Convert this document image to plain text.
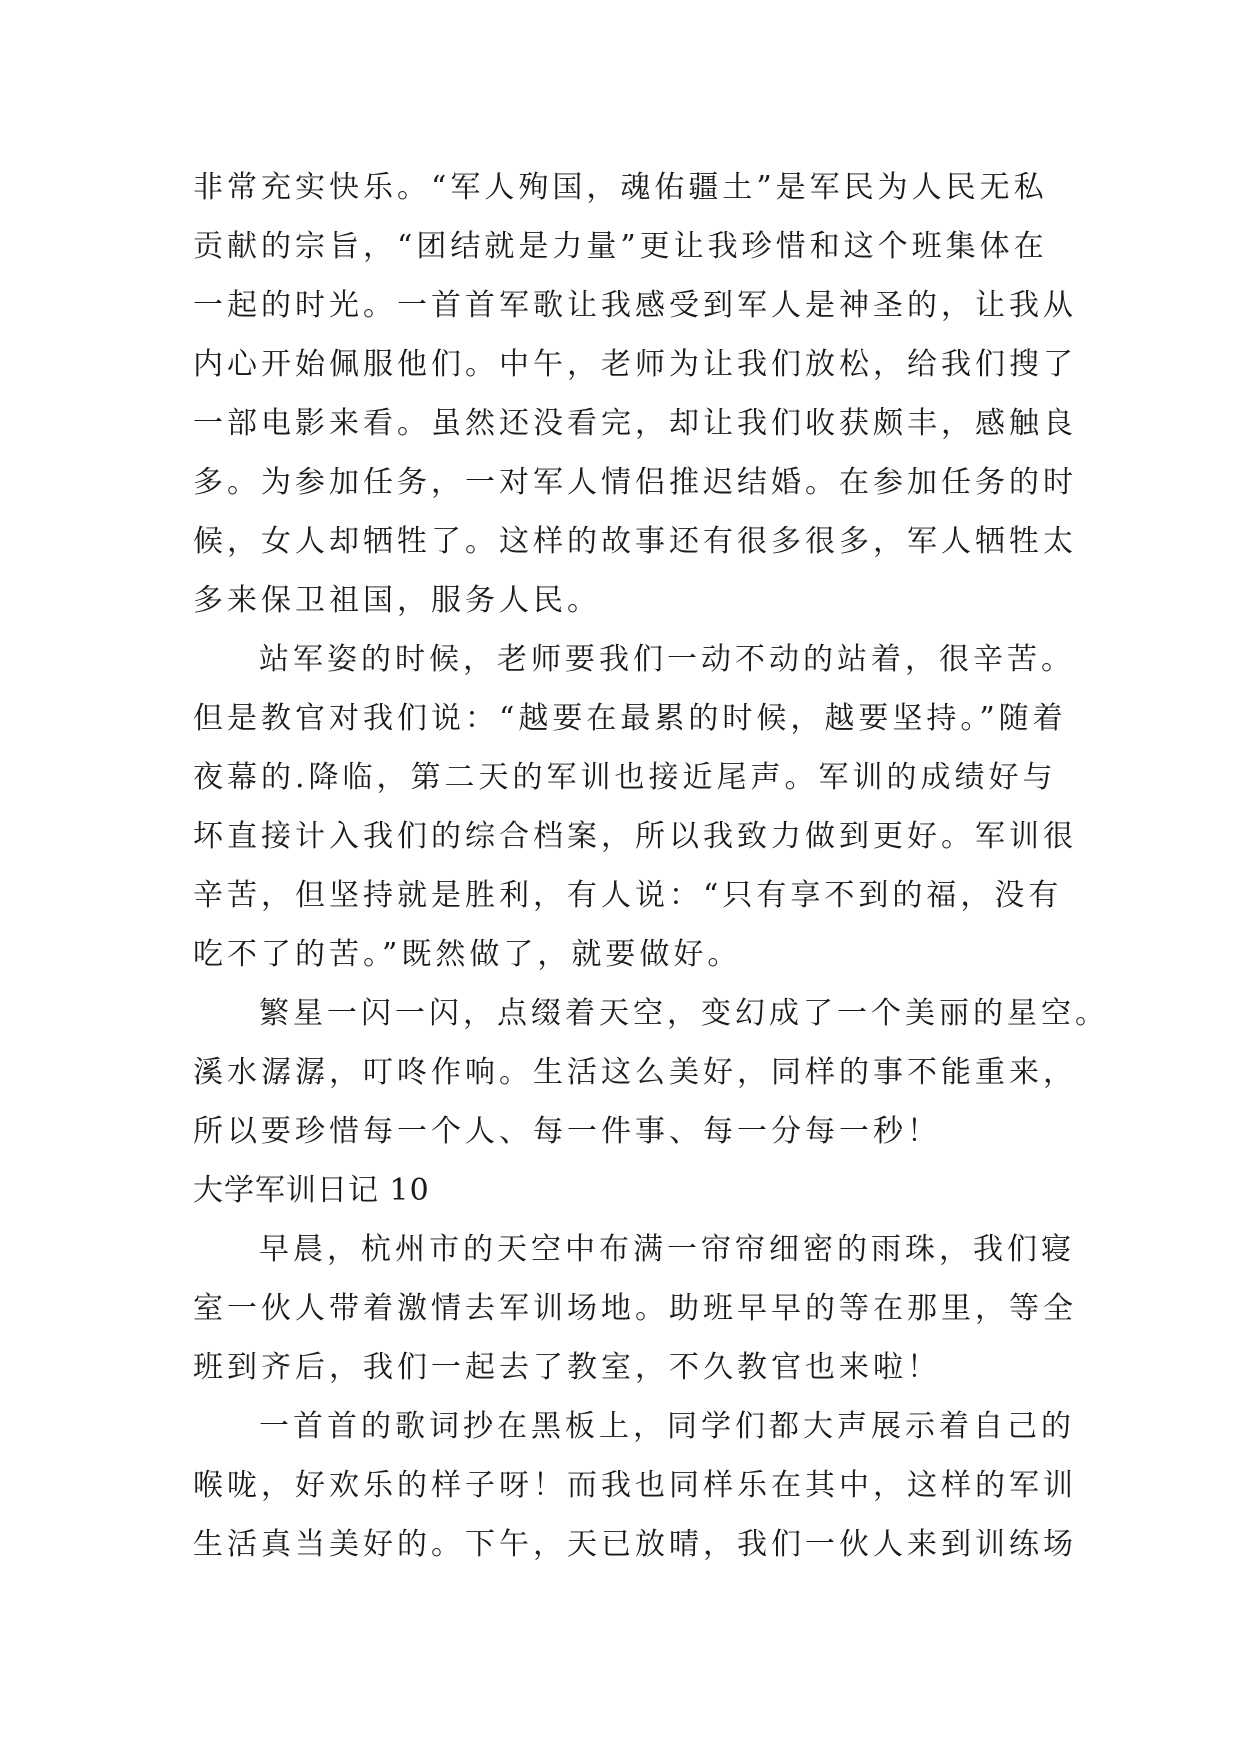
非常充实快乐。“军人殉国，魂佑疆土”是军民为人民无私
贡献的宗旨，“团结就是力量”更让我珍惜和这个班集体在
一起的时光。一首首军歌让我感受到军人是神圣的，让我从
内心开始佩服他们。中午，老师为让我们放松，给我们搜了
一部电影来看。虽然还没看完，却让我们收获颇丰，感触良
多。为参加任务，一对军人情侣推迟结婚。在参加任务的时
候，女人却牺牲了。这样的故事还有很多很多，军人牺牲太
多来保卫祖国，服务人民。
站军姿的时候，老师要我们一动不动的站着，很辛苦。
但是教官对我们说：“越要在最累的时候，越要坚持。”随着
夜幕的.降临，第二天的军训也接近尾声。军训的成绩好与
坏直接计入我们的综合档案，所以我致力做到更好。军训很
辛苦，但坚持就是胜利，有人说：“只有享不到的福，没有
吃不了的苦。”既然做了，就要做好。
繁星一闪一闪，点缀着天空，变幻成了一个美丽的星空。
溪水潺潺，叮咚作响。生活这么美好，同样的事不能重来，
所以要珍惜每一个人、每一件事、每一分每一秒！
大学军训日记 10
早晨，杭州市的天空中布满一帘帘细密的雨珠，我们寝
室一伙人带着激情去军训场地。助班早早的等在那里，等全
班到齐后，我们一起去了教室，不久教官也来啦！
一首首的歌词抄在黑板上，同学们都大声展示着自己的
喉咙，好欢乐的样子呀！而我也同样乐在其中，这样的军训
生活真当美好的。下午，天已放晴，我们一伙人来到训练场
